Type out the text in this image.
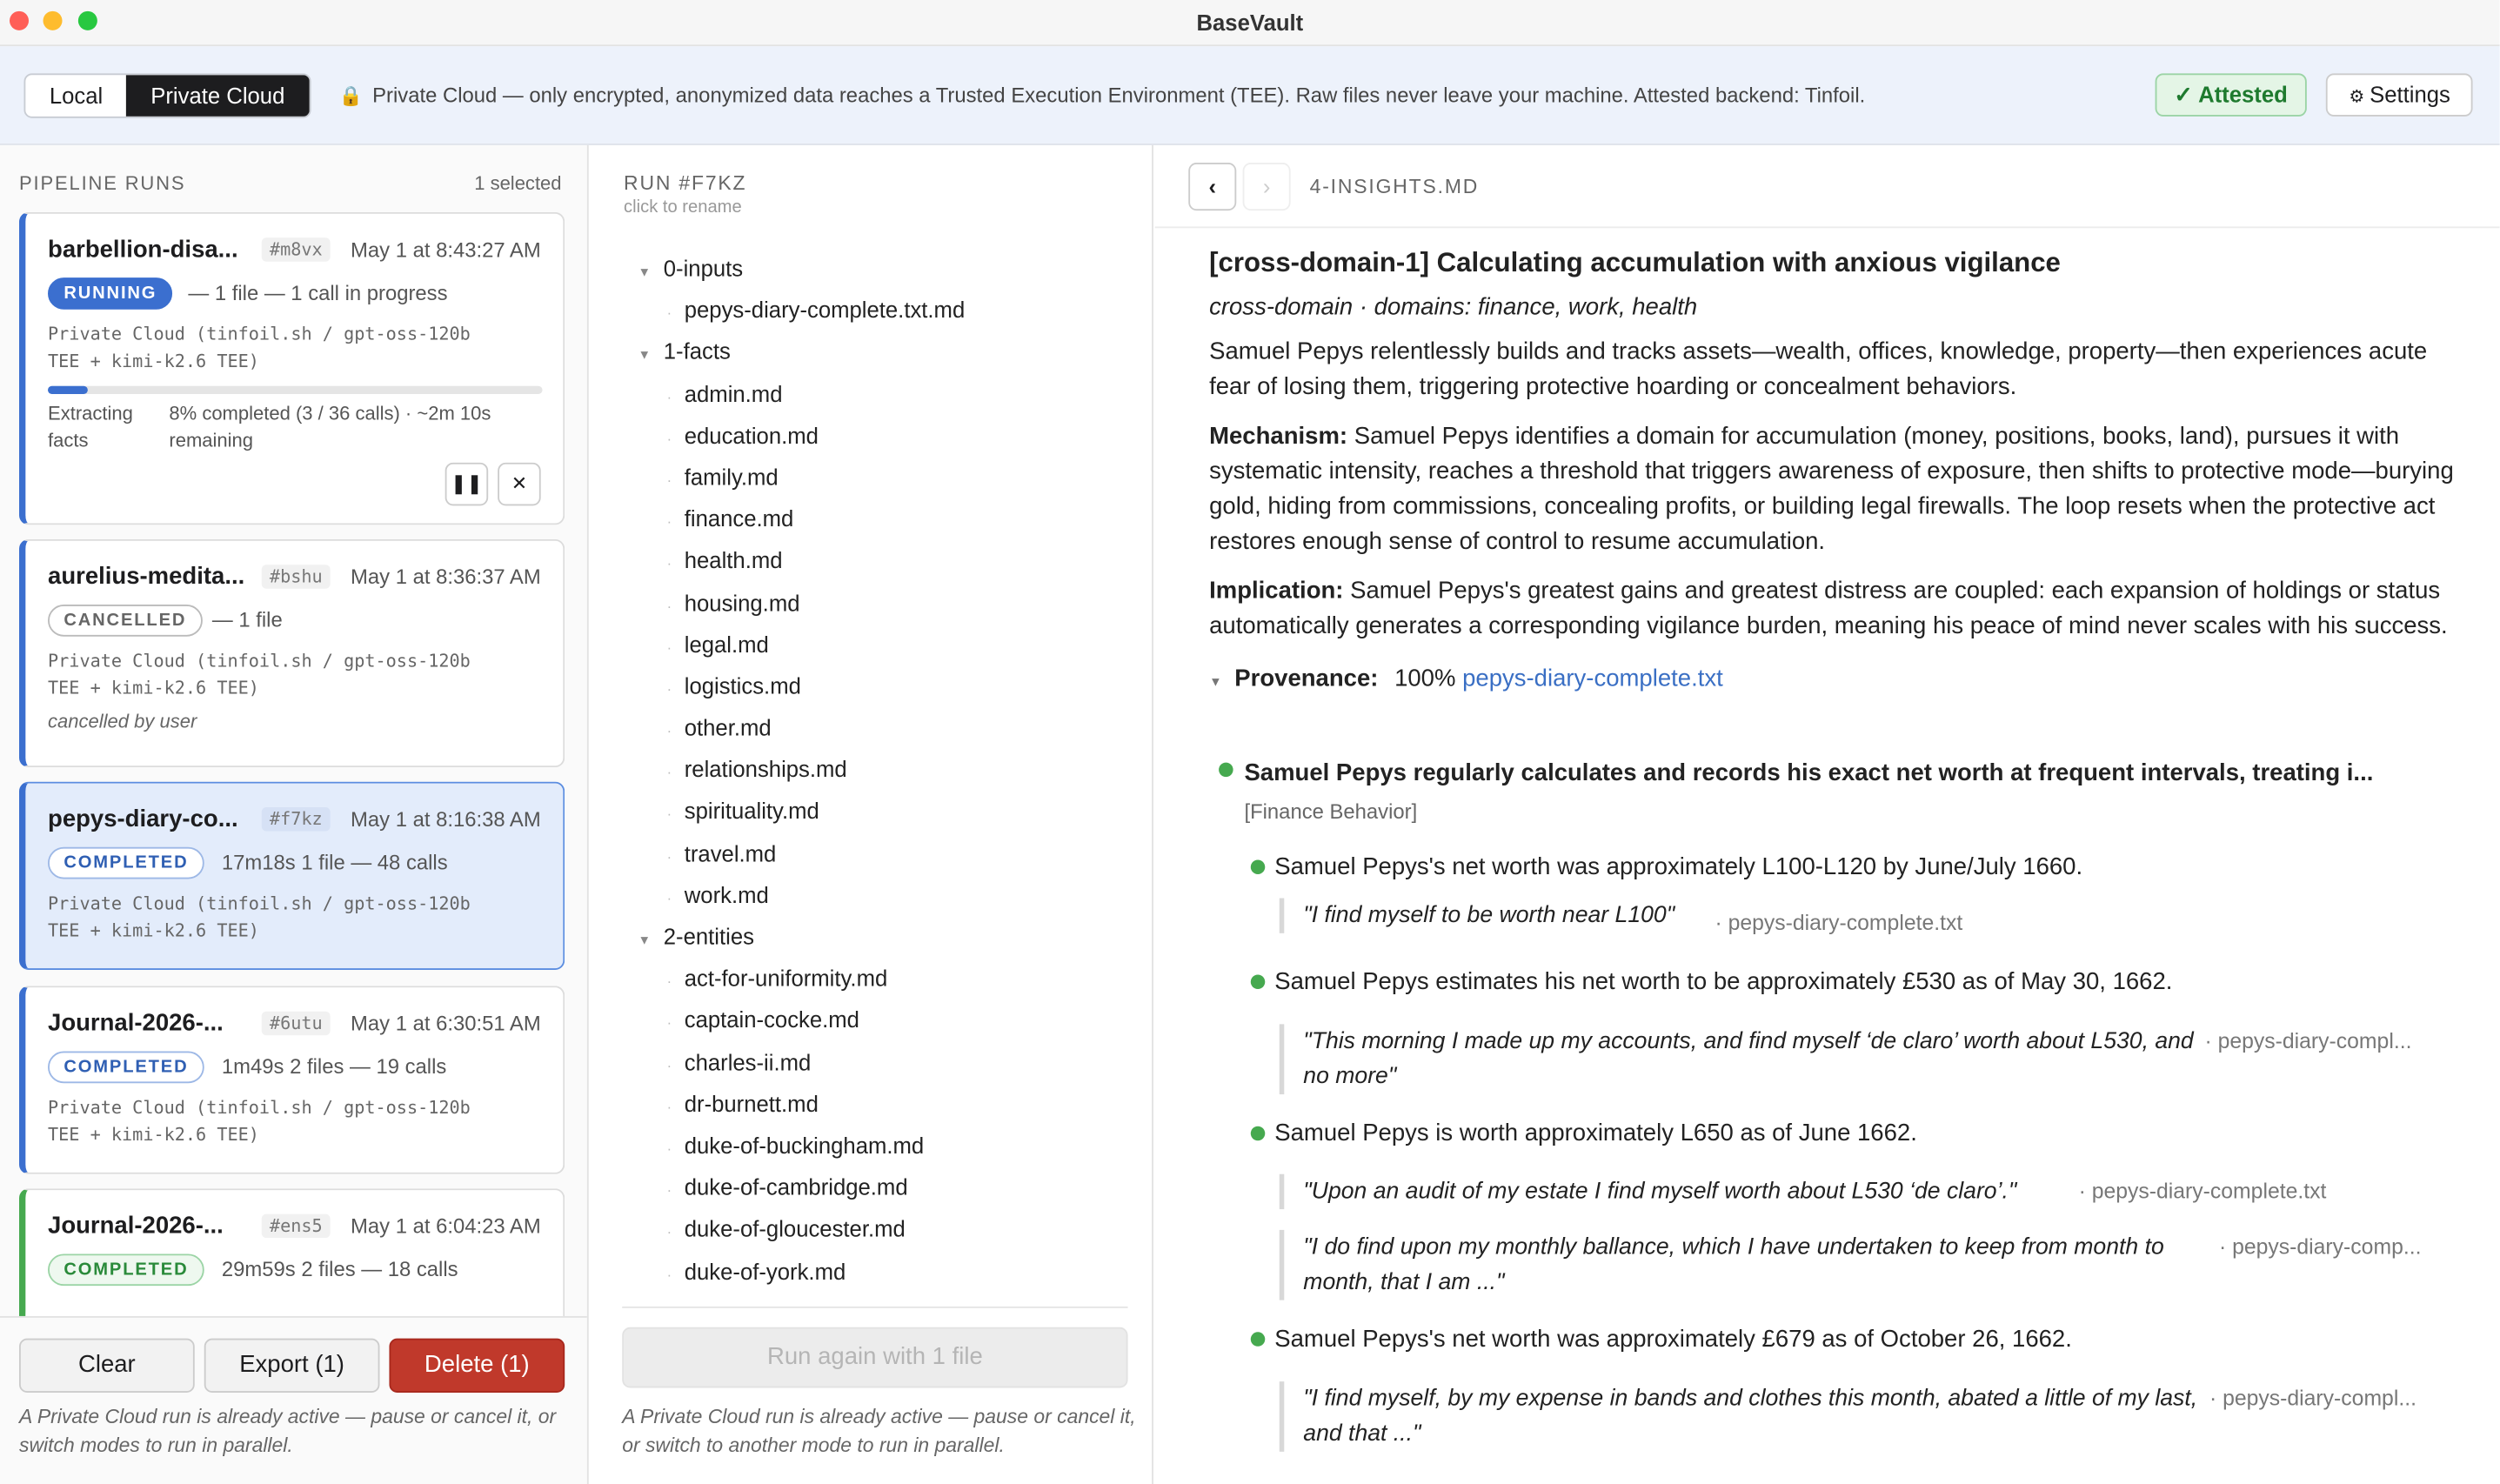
BaseVault
Local	Private Cloud	🔒 Private Cloud — only encrypted, anonymized data reaches a Trusted Execution Environment (TEE). Raw files never leave your machine. Attested backend: Tinfoil.	✓ Attested	⚙ Settings
PIPELINE RUNS	1 selected
barbellion-disa...	#m8vx	May 1 at 8:43:27 AM
RUNNING	— 1 file — 1 call in progress
Private Cloud (tinfoil.sh / gpt-oss-120b
TEE + kimi-k2.6 TEE)
Extracting
facts
8% completed (3 / 36 calls) · ~2m 10s
remaining
❚❚	✕
aurelius-medita...	#bshu	May 1 at 8:36:37 AM
CANCELLED	— 1 file
Private Cloud (tinfoil.sh / gpt-oss-120b
TEE + kimi-k2.6 TEE)
cancelled by user
pepys-diary-co...	#f7kz	May 1 at 8:16:38 AM
COMPLETED	17m18s 1 file — 48 calls
Private Cloud (tinfoil.sh / gpt-oss-120b
TEE + kimi-k2.6 TEE)
Journal-2026-...	#6utu	May 1 at 6:30:51 AM
COMPLETED	1m49s 2 files — 19 calls
Private Cloud (tinfoil.sh / gpt-oss-120b
TEE + kimi-k2.6 TEE)
Journal-2026-...	#ens5	May 1 at 6:04:23 AM
COMPLETED	29m59s 2 files — 18 calls
Clear	Export (1)	Delete (1)
A Private Cloud run is already active — pause or cancel it, or switch modes to run in parallel.
RUN #F7KZ
click to rename
▼ 0-inputs
· pepys-diary-complete.txt.md
▼ 1-facts
· admin.md
· education.md
· family.md
· finance.md
· health.md
· housing.md
· legal.md
· logistics.md
· other.md
· relationships.md
· spirituality.md
· travel.md
· work.md
▼ 2-entities
· act-for-uniformity.md
· captain-cocke.md
· charles-ii.md
· dr-burnett.md
· duke-of-buckingham.md
· duke-of-cambridge.md
· duke-of-gloucester.md
· duke-of-york.md
Run again with 1 file
A Private Cloud run is already active — pause or cancel it, or switch to another mode to run in parallel.
‹	›	4-INSIGHTS.MD
[cross-domain-1] Calculating accumulation with anxious vigilance
cross-domain · domains: finance, work, health

Samuel Pepys relentlessly builds and tracks assets—wealth, offices, knowledge, property—then experiences acute fear of losing them, triggering protective hoarding or concealment behaviors.

Mechanism: Samuel Pepys identifies a domain for accumulation (money, positions, books, land), pursues it with systematic intensity, reaches a threshold that triggers awareness of exposure, then shifts to protective mode—burying gold, hiding from commissions, concealing profits, or building legal firewalls. The loop resets when the protective act restores enough sense of control to resume accumulation.

Implication: Samuel Pepys's greatest gains and greatest distress are coupled: each expansion of holdings or status automatically generates a corresponding vigilance burden, meaning his peace of mind never scales with his success.

▼ Provenance: 100% pepys-diary-complete.txt
Samuel Pepys regularly calculates and records his exact net worth at frequent intervals, treating i...
[Finance Behavior]
Samuel Pepys's net worth was approximately L100-L120 by June/July 1660.
"I find myself to be worth near L100"	· pepys-diary-complete.txt
Samuel Pepys estimates his net worth to be approximately £530 as of May 30, 1662.
"This morning I made up my accounts, and find myself ‘de claro’ worth about L530, and no more"
· pepys-diary-compl...
Samuel Pepys is worth approximately L650 as of June 1662.
"Upon an audit of my estate I find myself worth about L530 ‘de claro’."	· pepys-diary-complete.txt
"I do find upon my monthly ballance, which I have undertaken to keep from month to month, that I am ..."
· pepys-diary-comp...
Samuel Pepys's net worth was approximately £679 as of October 26, 1662.
"I find myself, by my expense in bands and clothes this month, abated a little of my last, and that ..."
· pepys-diary-compl...
